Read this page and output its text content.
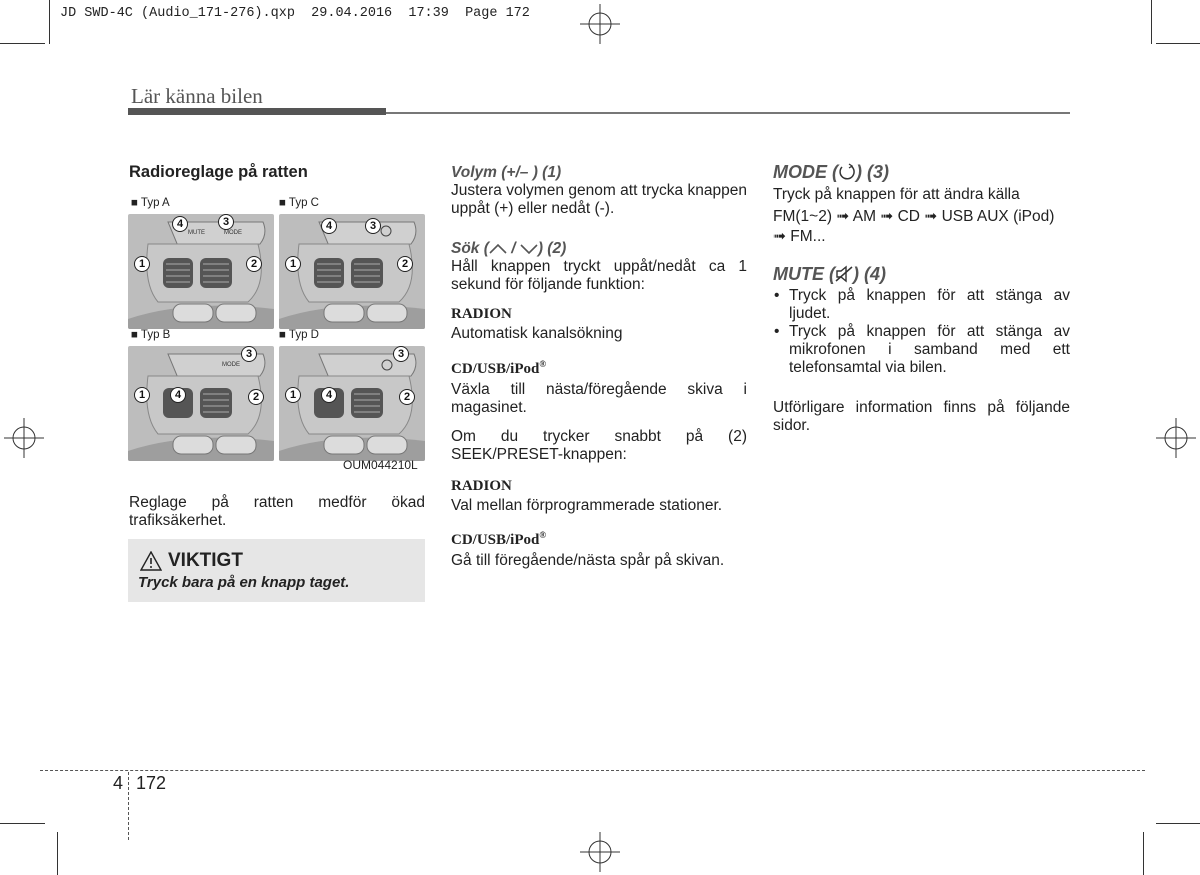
JD SWD-4C (Audio_171-276).qxp  29.04.2016  17:39  Page 172
Lär känna bilen
Radioreglage på ratten
■ Typ A
MUTE	MODE
4	3
1	2
■ Typ C
4	3
1	2
■ Typ B
MODE
3
1	4	2
■ Typ D
3
1	4	2
OUM044210L

Reglage på ratten medför ökad trafiksäkerhet.

VIKTIGT
Tryck bara på en knapp taget.
Volym (+/– ) (1)

Justera volymen genom att trycka knappen uppåt (+) eller nedåt (-).

Sök ( / ) (2)

Håll knappen tryckt uppåt/nedåt ca 1 sekund för följande funktion:

RADION

Automatisk kanalsökning

CD/USB/iPod®

Växla till nästa/föregående skiva i magasinet.

Om du trycker snabbt på (2) SEEK/PRESET-knappen:

RADION

Val mellan förprogrammerade stationer.

CD/USB/iPod®

Gå till föregående/nästa spår på skivan.

MODE ( ) (3)

Tryck på knappen för att ändra källa

FM(1~2) ➟ AM ➟ CD ➟ USB AUX (iPod) ➟ FM...

MUTE ( ) (4)
• Tryck på knappen för att stänga av ljudet.
• Tryck på knappen för att stänga av mikrofonen i samband med ett telefonsamtal via bilen.

Utförligare information finns på följande sidor.

4 172
